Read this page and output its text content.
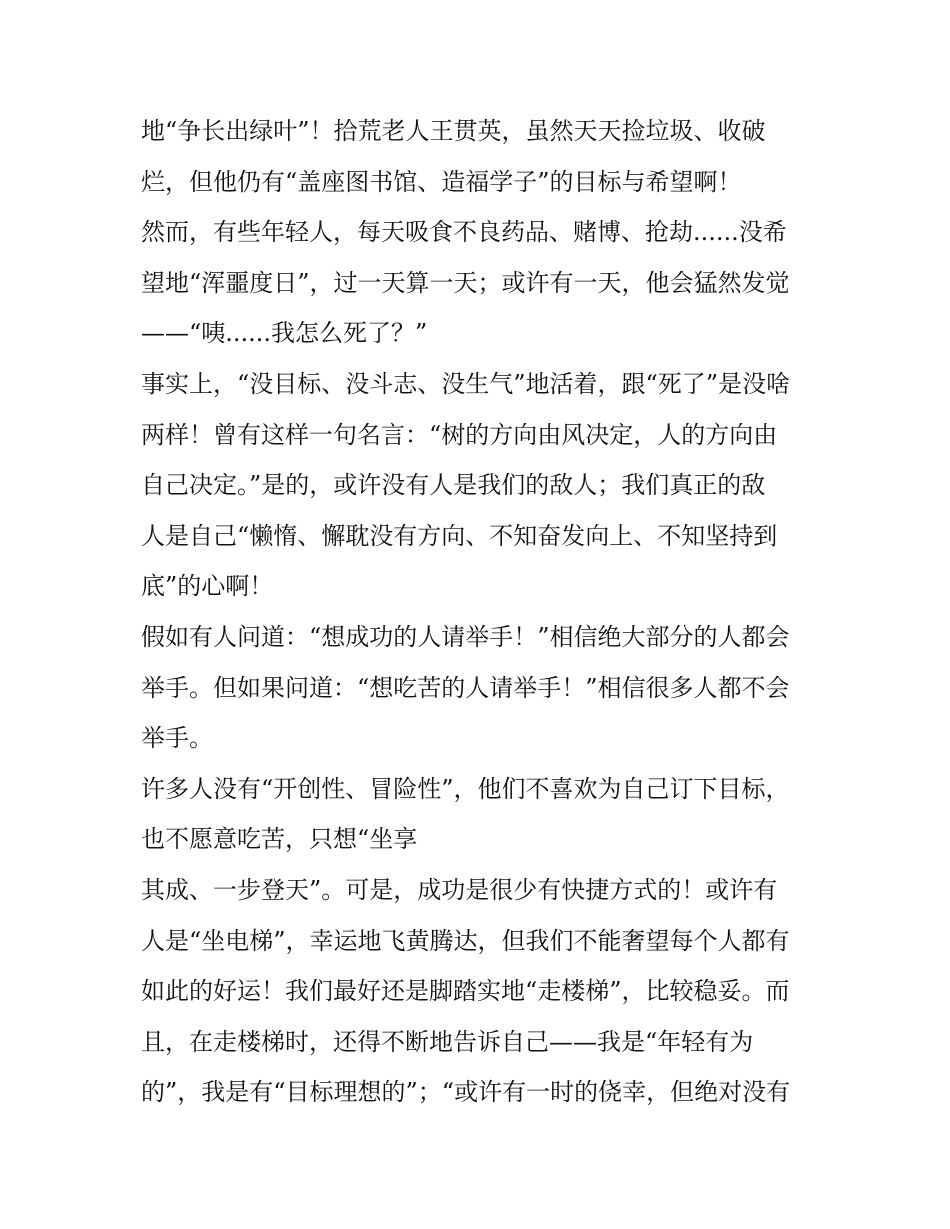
地“争长出绿叶”！拾荒老人王贯英，虽然天天捡垃圾、收破
烂，但他仍有“盖座图书馆、造福学子”的目标与希望啊！
然而，有些年轻人，每天吸食不良药品、赌博、抢劫......没希
望地“浑噩度日”，过一天算一天；或许有一天，他会猛然发觉
——“咦......我怎么死了？”
事实上，“没目标、没斗志、没生气”地活着，跟“死了”是没啥
两样！曾有这样一句名言：“树的方向由风决定，人的方向由
自己决定。”是的，或许没有人是我们的敌人；我们真正的敌
人是自己“懒惰、懈耽没有方向、不知奋发向上、不知坚持到
底”的心啊！
假如有人问道：“想成功的人请举手！”相信绝大部分的人都会
举手。但如果问道：“想吃苦的人请举手！”相信很多人都不会
举手。
许多人没有“开创性、冒险性”，他们不喜欢为自己订下目标，
也不愿意吃苦，只想“坐享
其成、一步登天”。可是，成功是很少有快捷方式的！或许有
人是“坐电梯”，幸运地飞黄腾达，但我们不能奢望每个人都有
如此的好运！我们最好还是脚踏实地“走楼梯”，比较稳妥。而
且，在走楼梯时，还得不断地告诉自己——我是“年轻有为
的”，我是有“目标理想的”；“或许有一时的侥幸，但绝对没有
